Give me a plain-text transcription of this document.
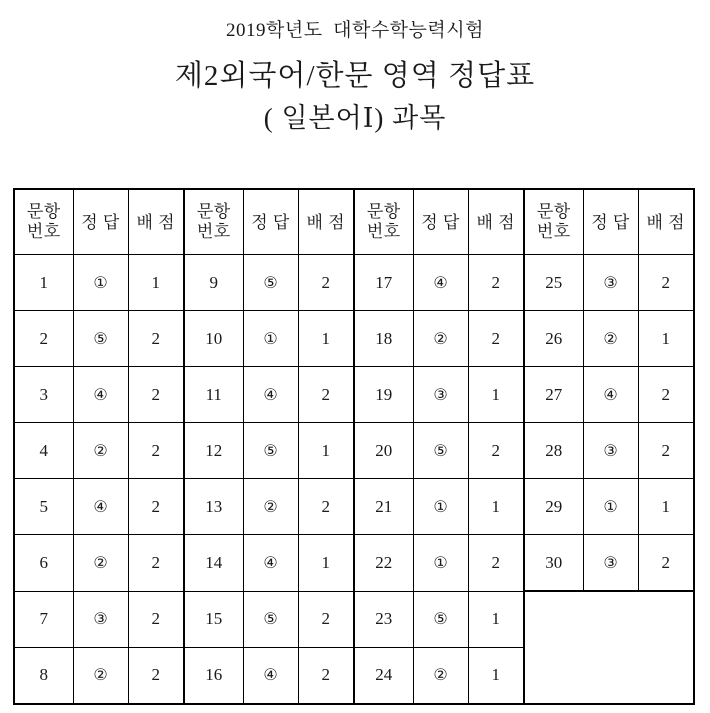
2019학년도  대학수학능력시험
제2외국어/한문 영역 정답표
( 일본어Ⅰ) 과목
문항
번호	정 답	배 점	문항
번호	정 답	배 점	문항
번호	정 답	배 점	문항
번호	정 답	배 점
1	①	1	9	⑤	2	17	④	2	25	③	2
2	⑤	2	10	①	1	18	②	2	26	②	1
3	④	2	11	④	2	19	③	1	27	④	2
4	②	2	12	⑤	1	20	⑤	2	28	③	2
5	④	2	13	②	2	21	①	1	29	①	1
6	②	2	14	④	1	22	①	2	30	③	2
7	③	2	15	⑤	2	23	⑤	1			
8	②	2	16	④	2	24	②	1			
